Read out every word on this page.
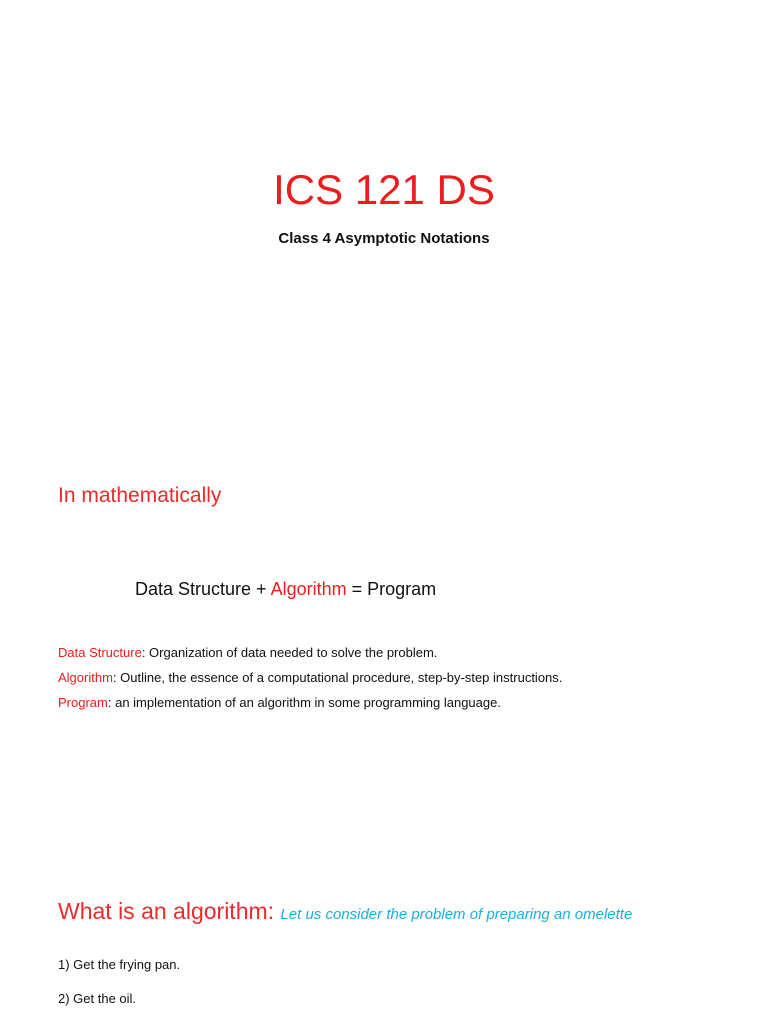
ICS 121 DS

Class 4 Asymptotic Notations

In mathematically

Data Structure + Algorithm = Program

Data Structure: Organization of data needed to solve the problem.

Algorithm: Outline, the essence of a computational procedure, step-by-step instructions.

Program: an implementation of an algorithm in some programming language.

What is an algorithm: Let us consider the problem of preparing an omelette

1) Get the frying pan.

2) Get the oil.
